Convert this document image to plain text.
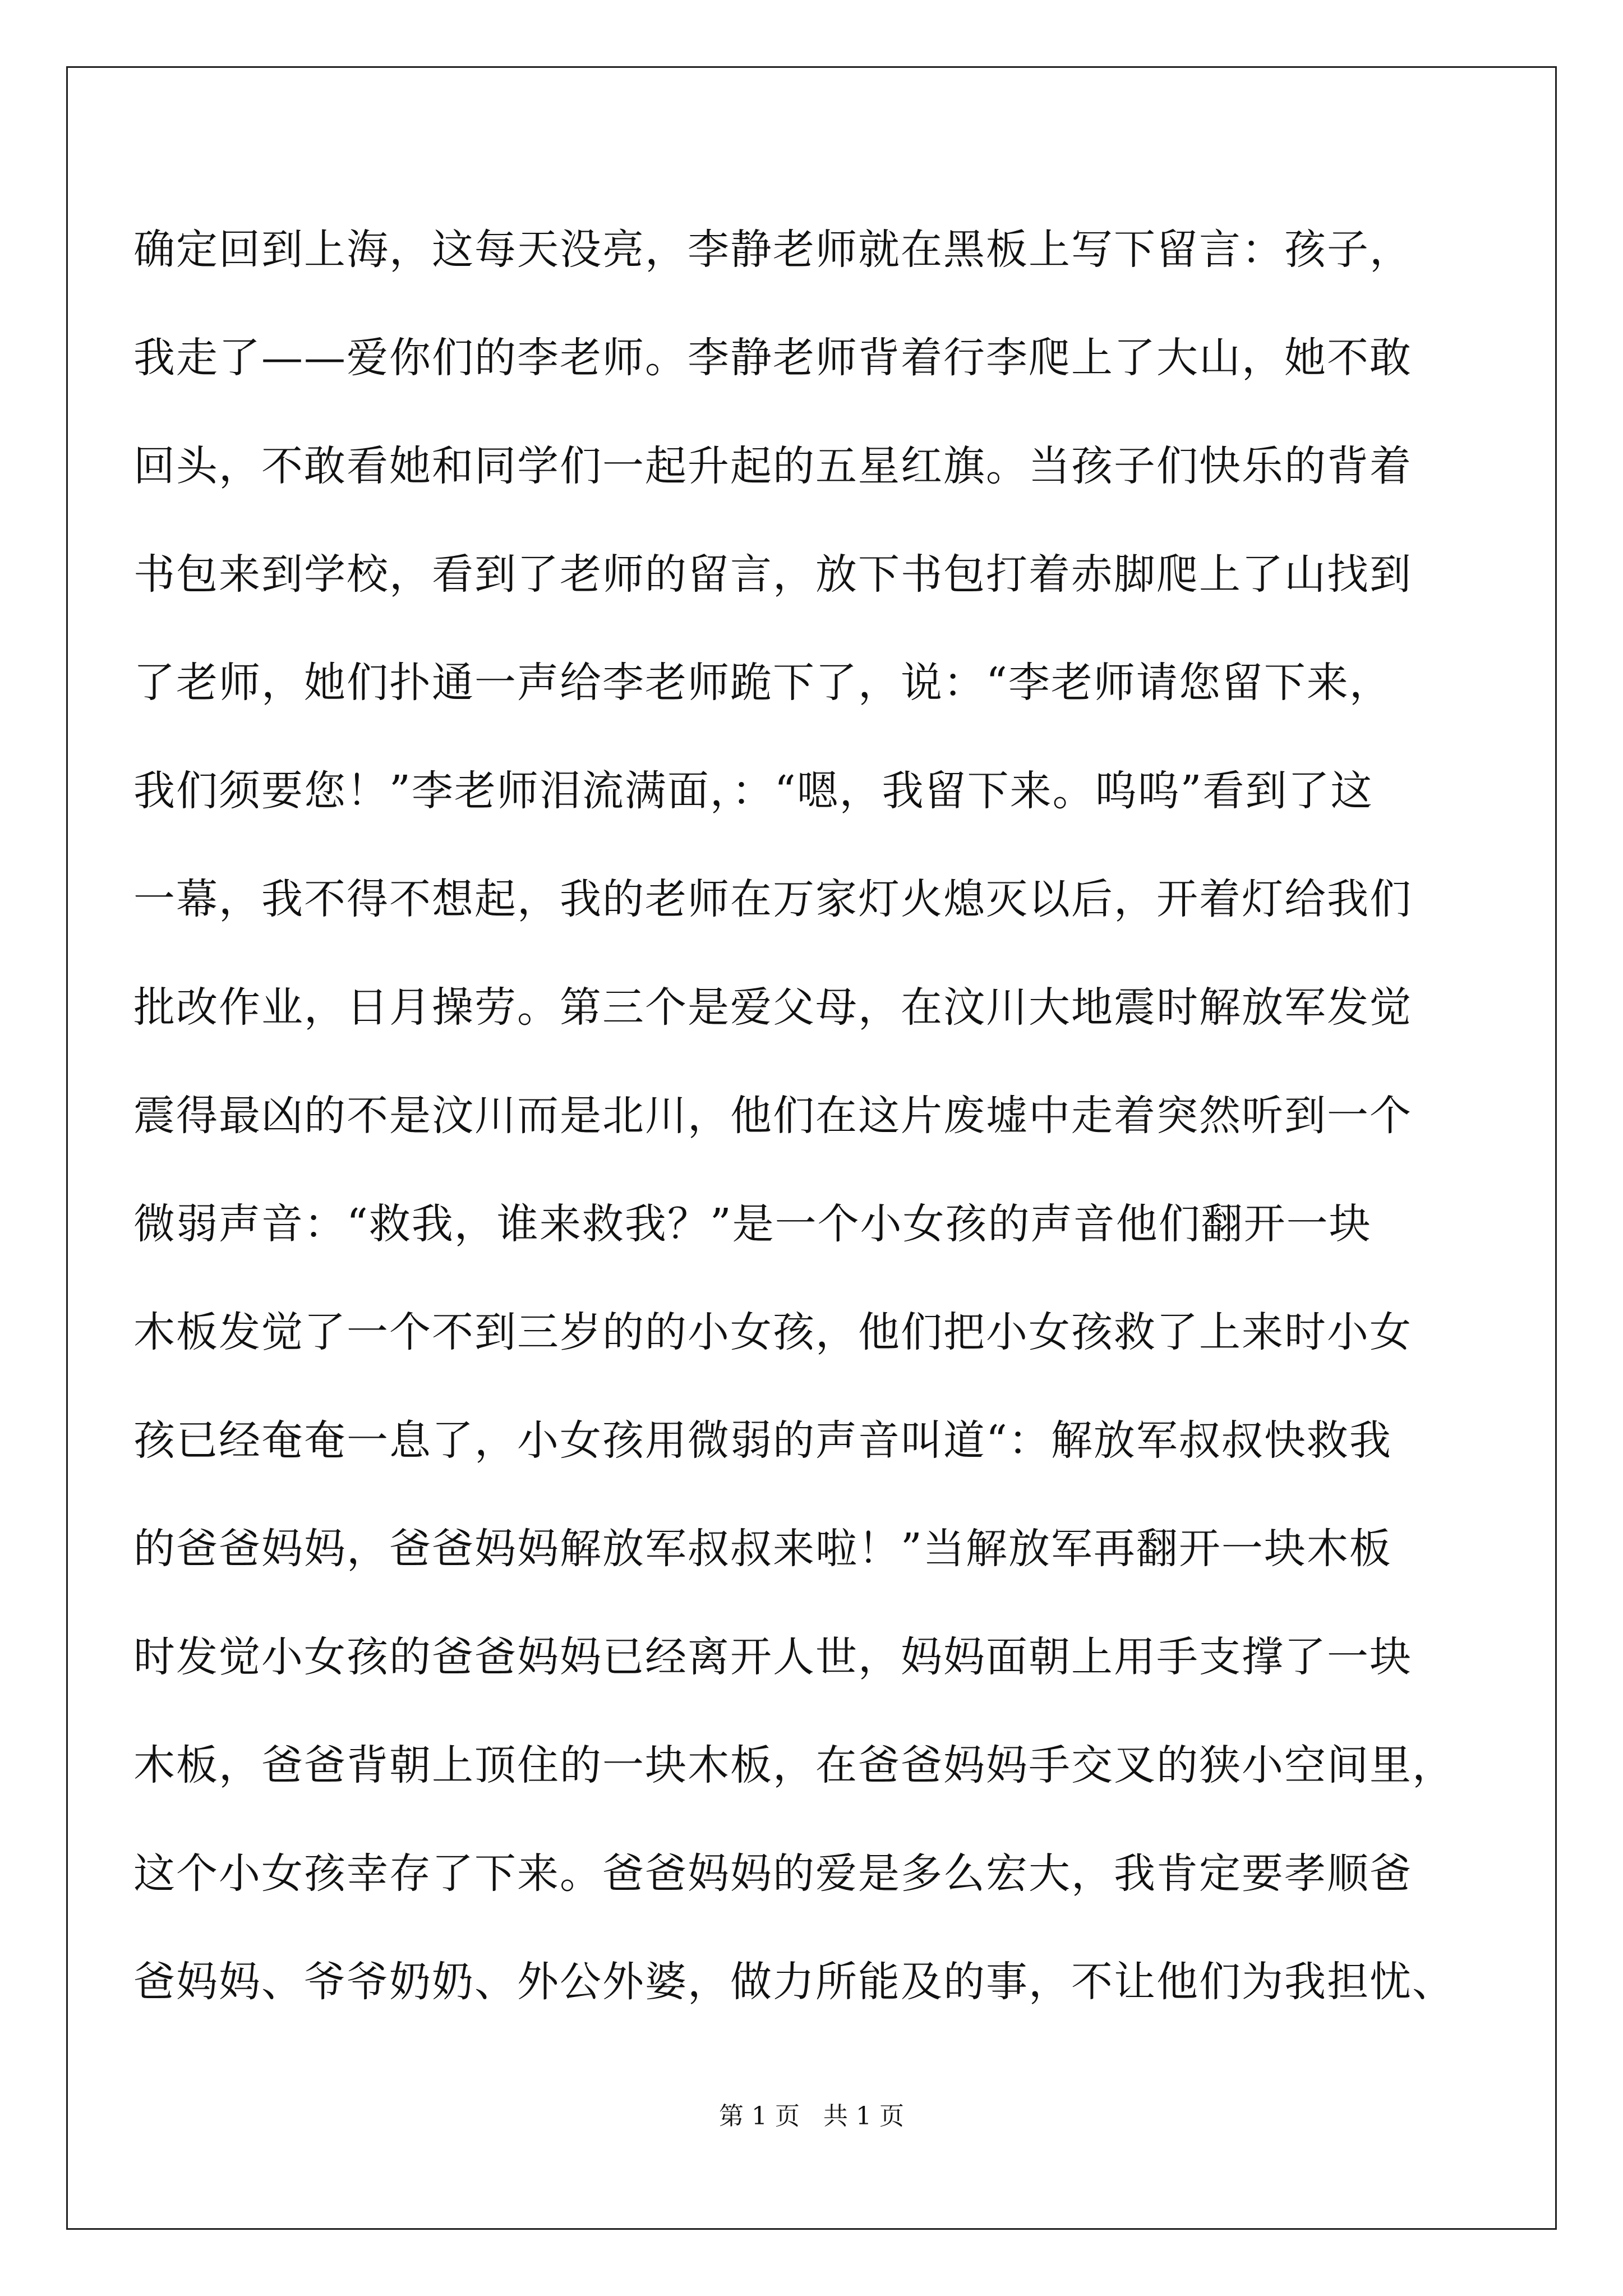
确定回到上海，这每天没亮，李静老师就在黑板上写下留言：孩子，
我走了——爱你们的李老师。李静老师背着行李爬上了大山，她不敢
回头，不敢看她和同学们一起升起的五星红旗。当孩子们快乐的背着
书包来到学校，看到了老师的留言，放下书包打着赤脚爬上了山找到
了老师，她们扑通一声给李老师跪下了，说：“李老师请您留下来，
我们须要您！”李老师泪流满面，：“嗯，我留下来。呜呜”看到了这
一幕，我不得不想起，我的老师在万家灯火熄灭以后，开着灯给我们
批改作业，日月操劳。第三个是爱父母，在汶川大地震时解放军发觉
震得最凶的不是汶川而是北川，他们在这片废墟中走着突然听到一个
微弱声音：“救我，谁来救我？”是一个小女孩的声音他们翻开一块
木板发觉了一个不到三岁的的小女孩，他们把小女孩救了上来时小女
孩已经奄奄一息了，小女孩用微弱的声音叫道“：解放军叔叔快救我
的爸爸妈妈，爸爸妈妈解放军叔叔来啦！”当解放军再翻开一块木板
时发觉小女孩的爸爸妈妈已经离开人世，妈妈面朝上用手支撑了一块
木板，爸爸背朝上顶住的一块木板，在爸爸妈妈手交叉的狭小空间里，
这个小女孩幸存了下来。爸爸妈妈的爱是多么宏大，我肯定要孝顺爸
爸妈妈、爷爷奶奶、外公外婆，做力所能及的事，不让他们为我担忧、
第 1 页   共 1 页
